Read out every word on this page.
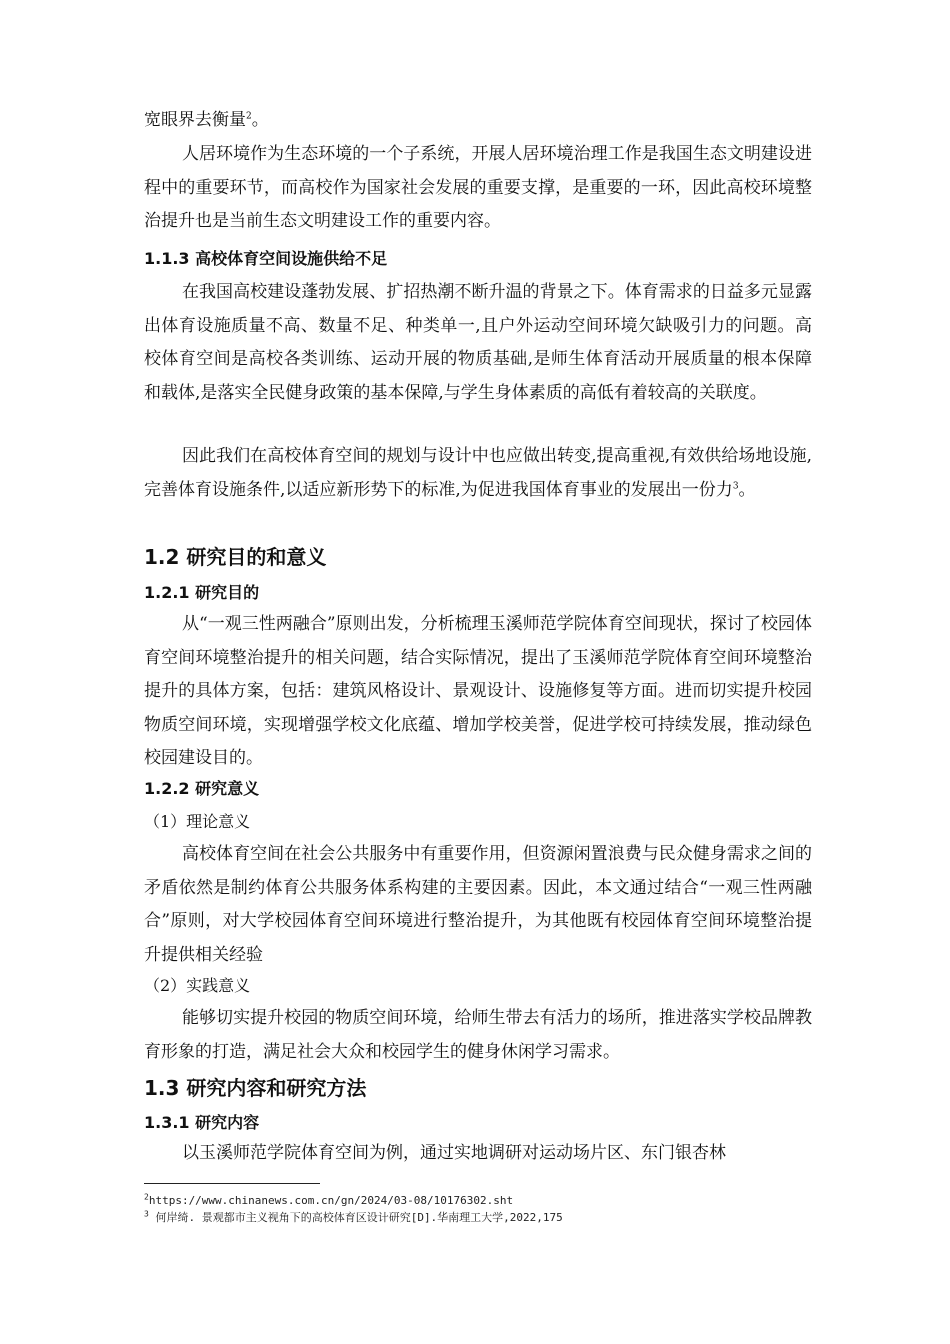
宽眼界去衡量$^2$。

人居环境作为生态环境的一个子系统，开展人居环境治理工作是我国生态文明建设进程中的重要环节，而高校作为国家社会发展的重要支撑，是重要的一环，因此高校环境整治提升也是当前生态文明建设工作的重要内容。

1.1.3 高校体育空间设施供给不足

在我国高校建设蓬勃发展、扩招热潮不断升温的背景之下。体育需求的日益多元显露出体育设施质量不高、数量不足、种类单一,且户外运动空间环境欠缺吸引力的问题。高校体育空间是高校各类训练、运动开展的物质基础,是师生体育活动开展质量的根本保障和载体,是落实全民健身政策的基本保障,与学生身体素质的高低有着较高的关联度。

因此我们在高校体育空间的规划与设计中也应做出转变,提高重视,有效供给场地设施,完善体育设施条件,以适应新形势下的标准,为促进我国体育事业的发展出一份力$^3$。

1.2 研究目的和意义
1.2.1 研究目的

从“一观三性两融合”原则出发，分析梳理玉溪师范学院体育空间现状，探讨了校园体育空间环境整治提升的相关问题，结合实际情况，提出了玉溪师范学院体育空间环境整治提升的具体方案，包括：建筑风格设计、景观设计、设施修复等方面。进而切实提升校园物质空间环境，实现增强学校文化底蕴、增加学校美誉，促进学校可持续发展，推动绿色校园建设目的。

1.2.2 研究意义

（1）理论意义

高校体育空间在社会公共服务中有重要作用，但资源闲置浪费与民众健身需求之间的矛盾依然是制约体育公共服务体系构建的主要因素。因此，本文通过结合“一观三性两融合”原则，对大学校园体育空间环境进行整治提升，为其他既有校园体育空间环境整治提升提供相关经验

（2）实践意义

能够切实提升校园的物质空间环境，给师生带去有活力的场所，推进落实学校品牌教育形象的打造，满足社会大众和校园学生的健身休闲学习需求。

1.3 研究内容和研究方法
1.3.1 研究内容

以玉溪师范学院体育空间为例，通过实地调研对运动场片区、东门银杏林

$^2$https://www.chinanews.com.cn/gn/2024/03-08/10176302.sht

$^3$ 何岸绮. 景观都市主义视角下的高校体育区设计研究[D].华南理工大学,2022,175
